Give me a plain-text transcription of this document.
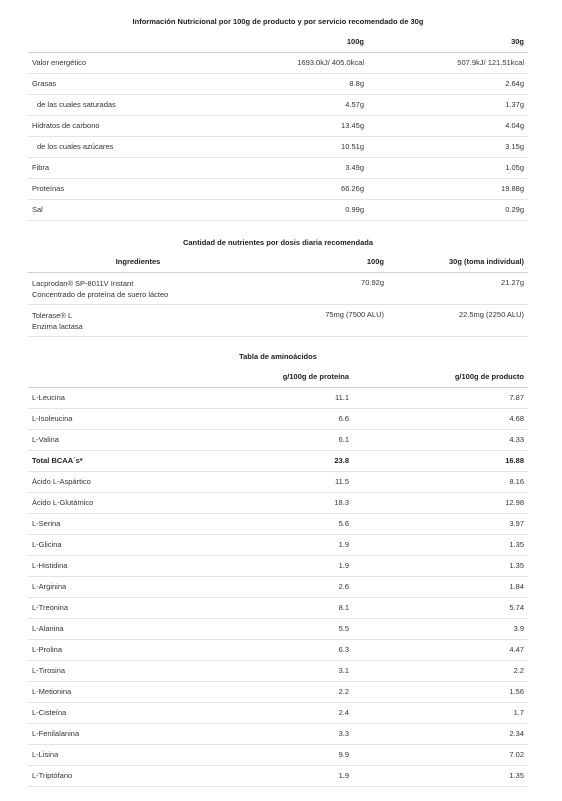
Información Nutricional por 100g de producto y por servicio recomendado de 30g
	100g	30g
Valor energético	1693.0kJ/ 405.0kcal	507.9kJ/ 121.51kcal
Grasas	8.8g	2.64g
de las cuales saturadas	4.57g	1.37g
Hidratos de carbono	13.45g	4.04g
de los cuales azúcares	10.51g	3.15g
Fibra	3.49g	1.05g
Proteínas	66.26g	19.88g
Sal	0.99g	0.29g
Cantidad de nutrientes por dosis diaria recomendada
Ingredientes	100g	30g (toma individual)

Lacprodan® SP-8011V Instant
Concentrado de proteína de suero lácteo	70.92g	21.27g

Tolerase® L
Enzima lactasa	75mg (7500 ALU)	22.5mg (2250 ALU)
Tabla de aminoácidos
	g/100g de proteína	g/100g de producto
L-Leucina	11.1	7.87
L-Isoleucina	6.6	4.68
L-Valina	6.1	4.33
Total BCAA´s*	23.8	16.88
Ácido L-Aspártico	11.5	8.16
Ácido L-Glutámico	18.3	12.98
L-Serina	5.6	3.97
L-Glicina	1.9	1.35
L-Histidina	1.9	1.35
L-Arginina	2.6	1.84
L-Treonina	8.1	5.74
L-Alanina	5.5	3.9
L-Prolina	6.3	4.47
L-Tirosina	3.1	2.2
L-Metionina	2.2	1.56
L-Cisteína	2.4	1.7
L-Fenilalanina	3.3	2.34
L-Lisina	9.9	7.02
L-Triptófano	1.9	1.35
